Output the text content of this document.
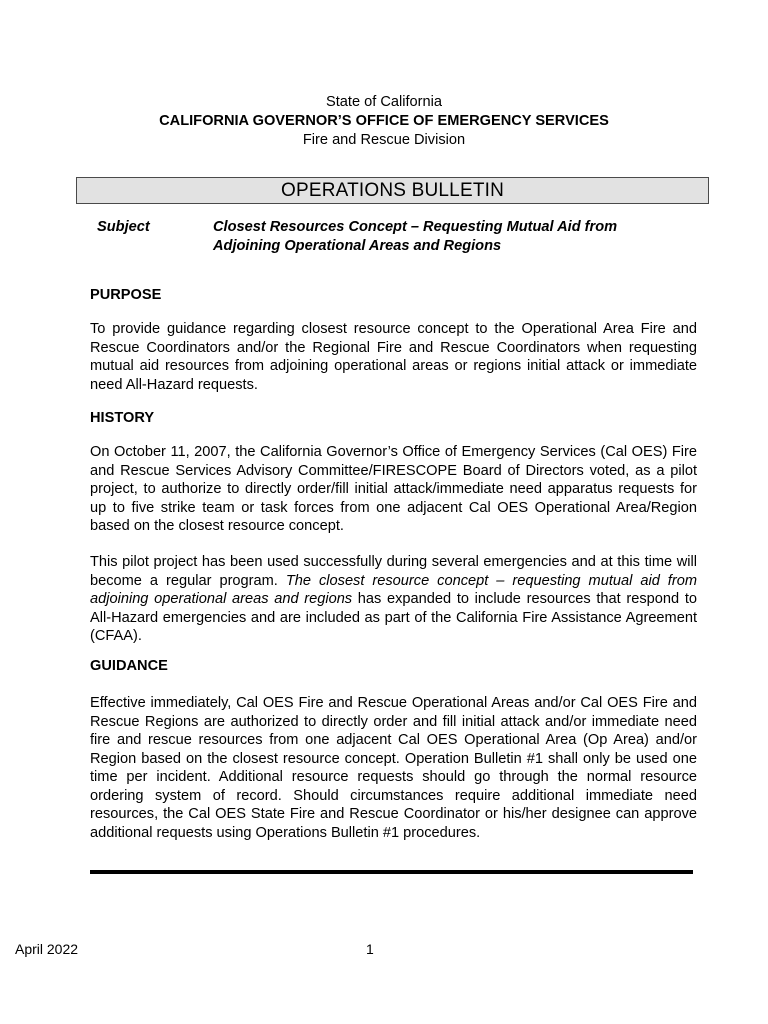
State of California
CALIFORNIA GOVERNOR’S OFFICE OF EMERGENCY SERVICES
Fire and Rescue Division
OPERATIONS BULLETIN
Subject	Closest Resources Concept – Requesting Mutual Aid from
Adjoining Operational Areas and Regions
PURPOSE
To provide guidance regarding closest resource concept to the Operational Area Fire and Rescue Coordinators and/or the Regional Fire and Rescue Coordinators when requesting mutual aid resources from adjoining operational areas or regions initial attack or immediate need All-Hazard requests.
HISTORY
On October 11, 2007, the California Governor’s Office of Emergency Services (Cal OES) Fire and Rescue Services Advisory Committee/FIRESCOPE Board of Directors voted, as a pilot project, to authorize to directly order/fill initial attack/immediate need apparatus requests for up to five strike team or task forces from one adjacent Cal OES Operational Area/Region based on the closest resource concept.
This pilot project has been used successfully during several emergencies and at this time will become a regular program. The closest resource concept – requesting mutual aid from adjoining operational areas and regions has expanded to include resources that respond to All-Hazard emergencies and are included as part of the California Fire Assistance Agreement (CFAA).
GUIDANCE
Effective immediately, Cal OES Fire and Rescue Operational Areas and/or Cal OES Fire and Rescue Regions are authorized to directly order and fill initial attack and/or immediate need fire and rescue resources from one adjacent Cal OES Operational Area (Op Area) and/or Region based on the closest resource concept. Operation Bulletin #1 shall only be used one time per incident. Additional resource requests should go through the normal resource ordering system of record. Should circumstances require additional immediate need resources, the Cal OES State Fire and Rescue Coordinator or his/her designee can approve additional requests using Operations Bulletin #1 procedures.
April 2022	1
